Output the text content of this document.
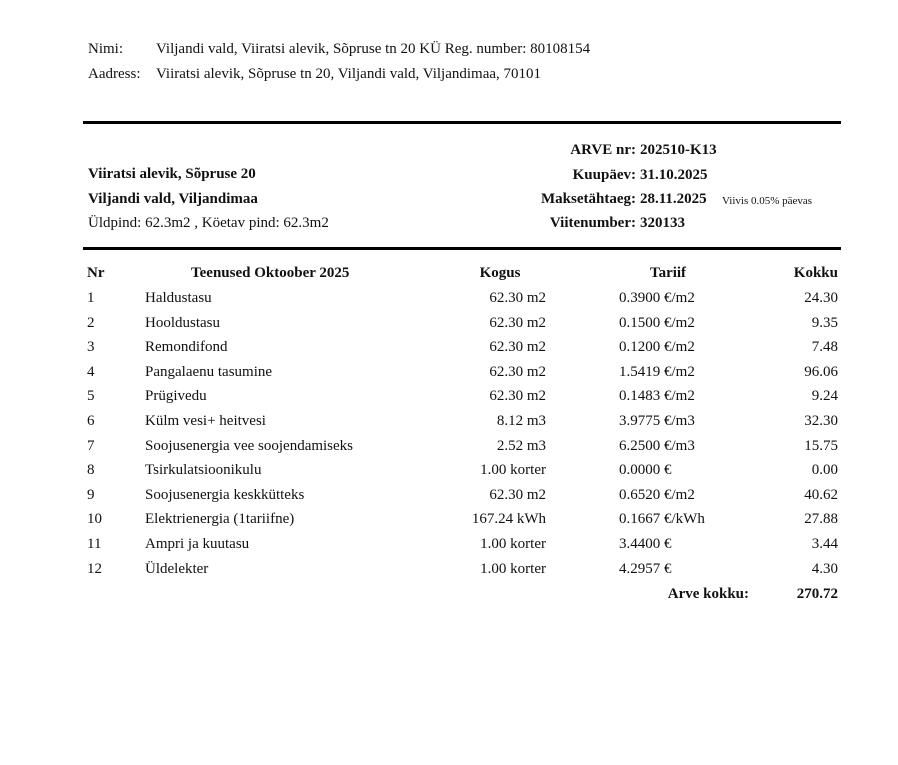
Nimi: Viljandi vald, Viiratsi alevik, Sõpruse tn 20 KÜ Reg. number: 80108154
Aadress: Viiratsi alevik, Sõpruse tn 20, Viljandi vald, Viljandimaa, 70101
Viiratsi alevik, Sõpruse 20
Viljandi vald, Viljandimaa
Üldpind: 62.3m2 , Köetav pind: 62.3m2
ARVE nr: 202510-K13
Kuupäev: 31.10.2025
Maksetähtaeg: 28.11.2025 Viivis 0.05% päevas
Viitenumber: 320133
Nr	Teenused Oktoober 2025	Kogus	Tariif	Kokku
1	Haldustasu	62.30 m2	0.3900 €/m2	24.30
2	Hooldustasu	62.30 m2	0.1500 €/m2	9.35
3	Remondifond	62.30 m2	0.1200 €/m2	7.48
4	Pangalaenu tasumine	62.30 m2	1.5419 €/m2	96.06
5	Prügivedu	62.30 m2	0.1483 €/m2	9.24
6	Külm vesi+ heitvesi	8.12 m3	3.9775 €/m3	32.30
7	Soojusenergia vee soojendamiseks	2.52 m3	6.2500 €/m3	15.75
8	Tsirkulatsioonikulu	1.00 korter	0.0000 €	0.00
9	Soojusenergia keskkütteks	62.30 m2	0.6520 €/m2	40.62
10	Elektrienergia (1tariifne)	167.24 kWh	0.1667 €/kWh	27.88
11	Ampri ja kuutasu	1.00 korter	3.4400 €	3.44
12	Üldelekter	1.00 korter	4.2957 €	4.30
Arve kokku:	270.72
